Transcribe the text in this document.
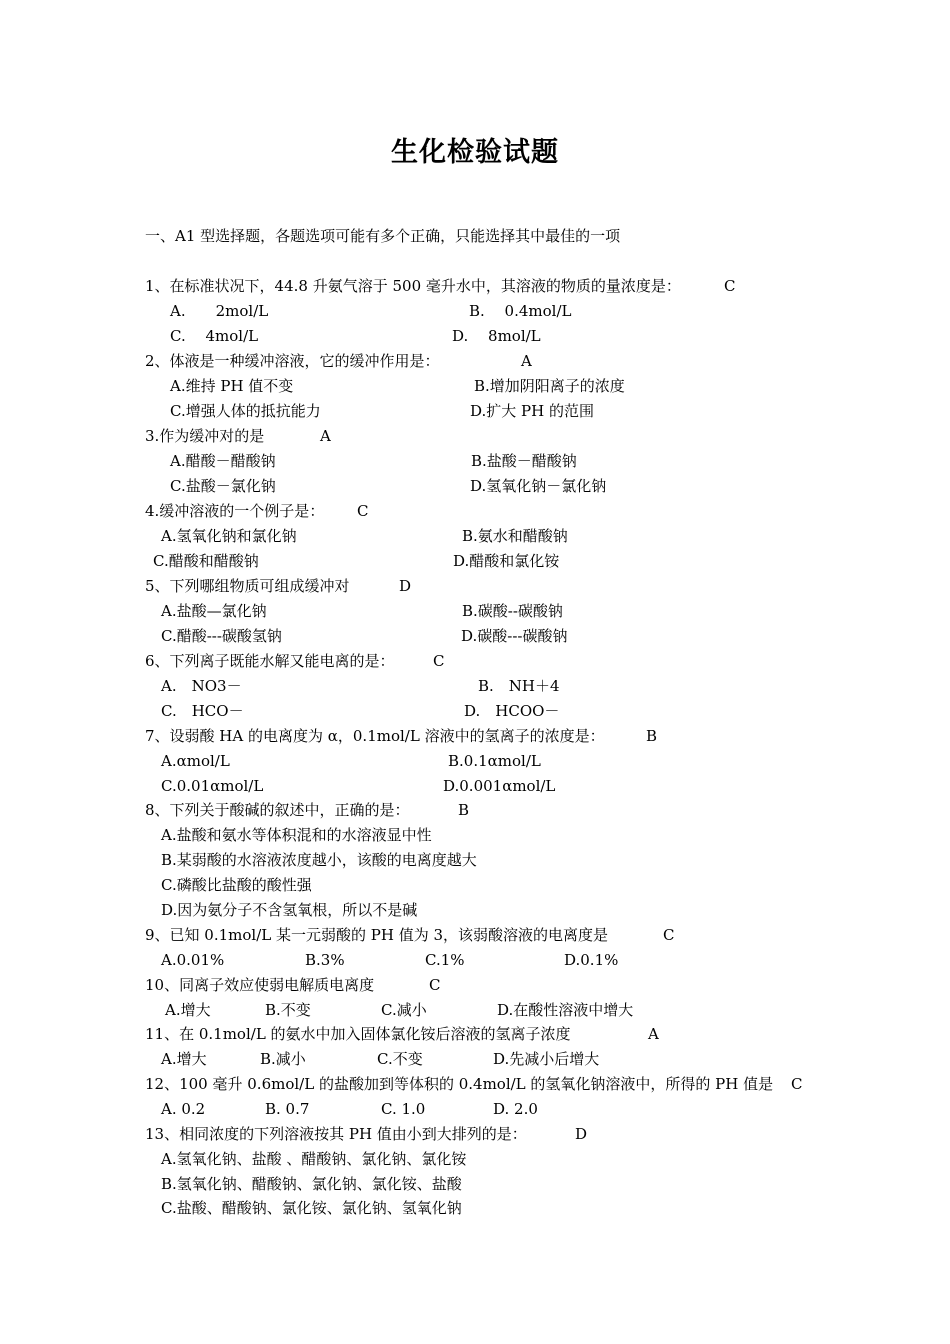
生化检验试题
一、A1 型选择题，各题选项可能有多个正确，只能选择其中最佳的一项
1、在标准状况下，44.8 升氨气溶于 500 毫升水中，其溶液的物质的量浓度是：	C
A.　　2mol/L	B.　 0.4mol/L
C.　 4mol/L	D.　 8mol/L
2、体液是一种缓冲溶液，它的缓冲作用是：	A
A.维持 PH 值不变	B.增加阴阳离子的浓度
C.增强人体的抵抗能力	D.扩大 PH 的范围
3.作为缓冲对的是	A
A.醋酸－醋酸钠	B.盐酸－醋酸钠
C.盐酸－氯化钠	D.氢氧化钠－氯化钠
4.缓冲溶液的一个例子是： C
A.氢氧化钠和氯化钠	B.氨水和醋酸钠
C.醋酸和醋酸钠	D.醋酸和氯化铵
5、下列哪组物质可组成缓冲对	D
A.盐酸—氯化钠	B.碳酸--碳酸钠
C.醋酸---碳酸氢钠	D.碳酸---碳酸钠
6、下列离子既能水解又能电离的是：	C
A.　NO3－	B.　NH＋4
C.　HCO－	D.　HCOO－
7、设弱酸 HA 的电离度为 α，0.1mol/L 溶液中的氢离子的浓度是：	B
A.αmol/L	B.0.1αmol/L
C.0.01αmol/L	D.0.001αmol/L
8、下列关于酸碱的叙述中，正确的是：	B
A.盐酸和氨水等体积混和的水溶液显中性
B.某弱酸的水溶液浓度越小，该酸的电离度越大
C.磷酸比盐酸的酸性强
D.因为氨分子不含氢氧根，所以不是碱
9、已知 0.1mol/L 某一元弱酸的 PH 值为 3，该弱酸溶液的电离度是	C
A.0.01%	B.3%	C.1%	D.0.1%
10、同离子效应使弱电解质电离度	C
A.增大	B.不变	C.减小	D.在酸性溶液中增大
11、在 0.1mol/L 的氨水中加入固体氯化铵后溶液的氢离子浓度	A
A.增大	B.减小	C.不变	D.先减小后增大
12、100 毫升 0.6mol/L 的盐酸加到等体积的 0.4mol/L 的氢氧化钠溶液中，所得的 PH 值是 C
A. 0.2	B. 0.7	C. 1.0	D. 2.0
13、相同浓度的下列溶液按其 PH 值由小到大排列的是：	D
A.氢氧化钠、盐酸 、醋酸钠、氯化钠、氯化铵
B.氢氧化钠、醋酸钠、氯化钠、氯化铵、盐酸
C.盐酸、醋酸钠、氯化铵、氯化钠、氢氧化钠
